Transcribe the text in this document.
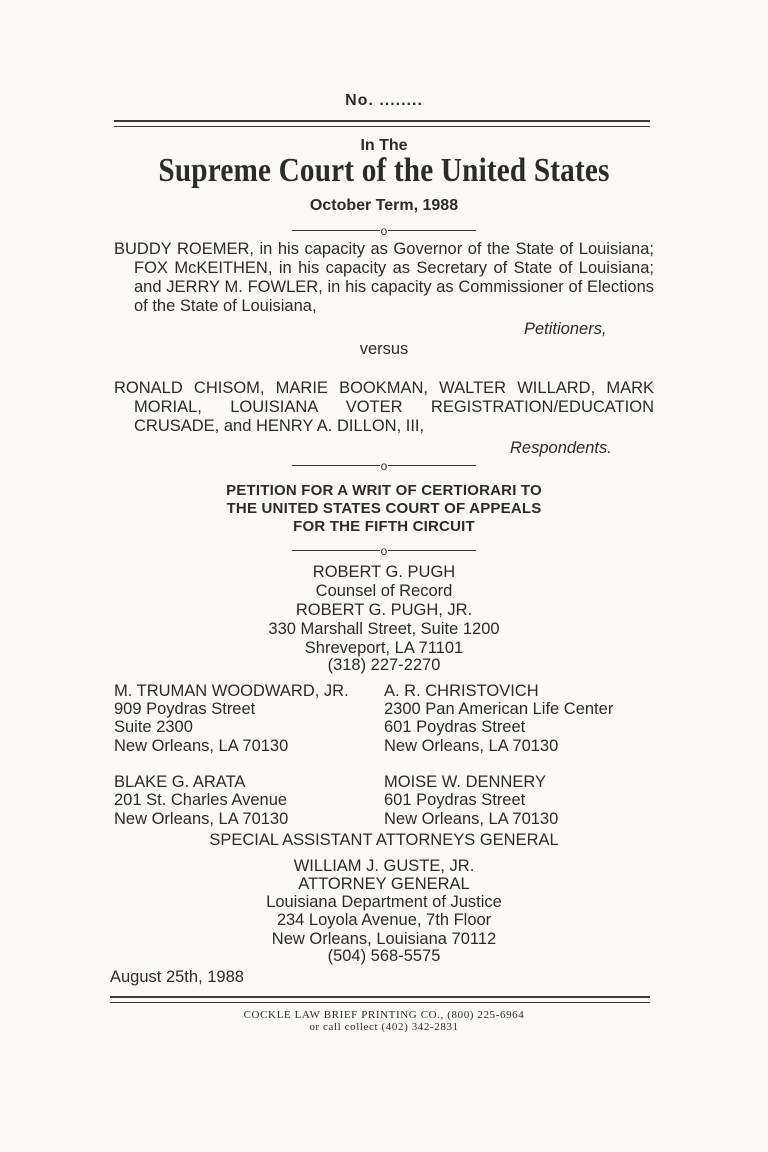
No. ........
In The
Supreme Court of the United States
October Term, 1988
o
BUDDY ROEMER, in his capacity as Governor of the State of Louisiana; FOX McKEITHEN, in his capacity as Secretary of State of Louisiana; and JERRY M. FOWLER, in his capacity as Commissioner of Elections of the State of Louisiana,
Petitioners,
versus
RONALD CHISOM, MARIE BOOKMAN, WALTER WILLARD, MARK MORIAL, LOUISIANA VOTER REGISTRATION/EDUCATION CRUSADE, and HENRY A. DILLON, III,
Respondents.
o
PETITION FOR A WRIT OF CERTIORARI TO
THE UNITED STATES COURT OF APPEALS
FOR THE FIFTH CIRCUIT
o
ROBERT G. PUGH
Counsel of Record
ROBERT G. PUGH, JR.
330 Marshall Street, Suite 1200
Shreveport, LA 71101
(318) 227-2270
M. TRUMAN WOODWARD, JR.
909 Poydras Street
Suite 2300
New Orleans, LA 70130
A. R. CHRISTOVICH
2300 Pan American Life Center
601 Poydras Street
New Orleans, LA 70130
BLAKE G. ARATA
201 St. Charles Avenue
New Orleans, LA 70130
MOISE W. DENNERY
601 Poydras Street
New Orleans, LA 70130
SPECIAL ASSISTANT ATTORNEYS GENERAL
WILLIAM J. GUSTE, JR.
ATTORNEY GENERAL
Louisiana Department of Justice
234 Loyola Avenue, 7th Floor
New Orleans, Louisiana 70112
(504) 568-5575
August 25th, 1988
COCKLE LAW BRIEF PRINTING CO., (800) 225-6964
or call collect (402) 342-2831
